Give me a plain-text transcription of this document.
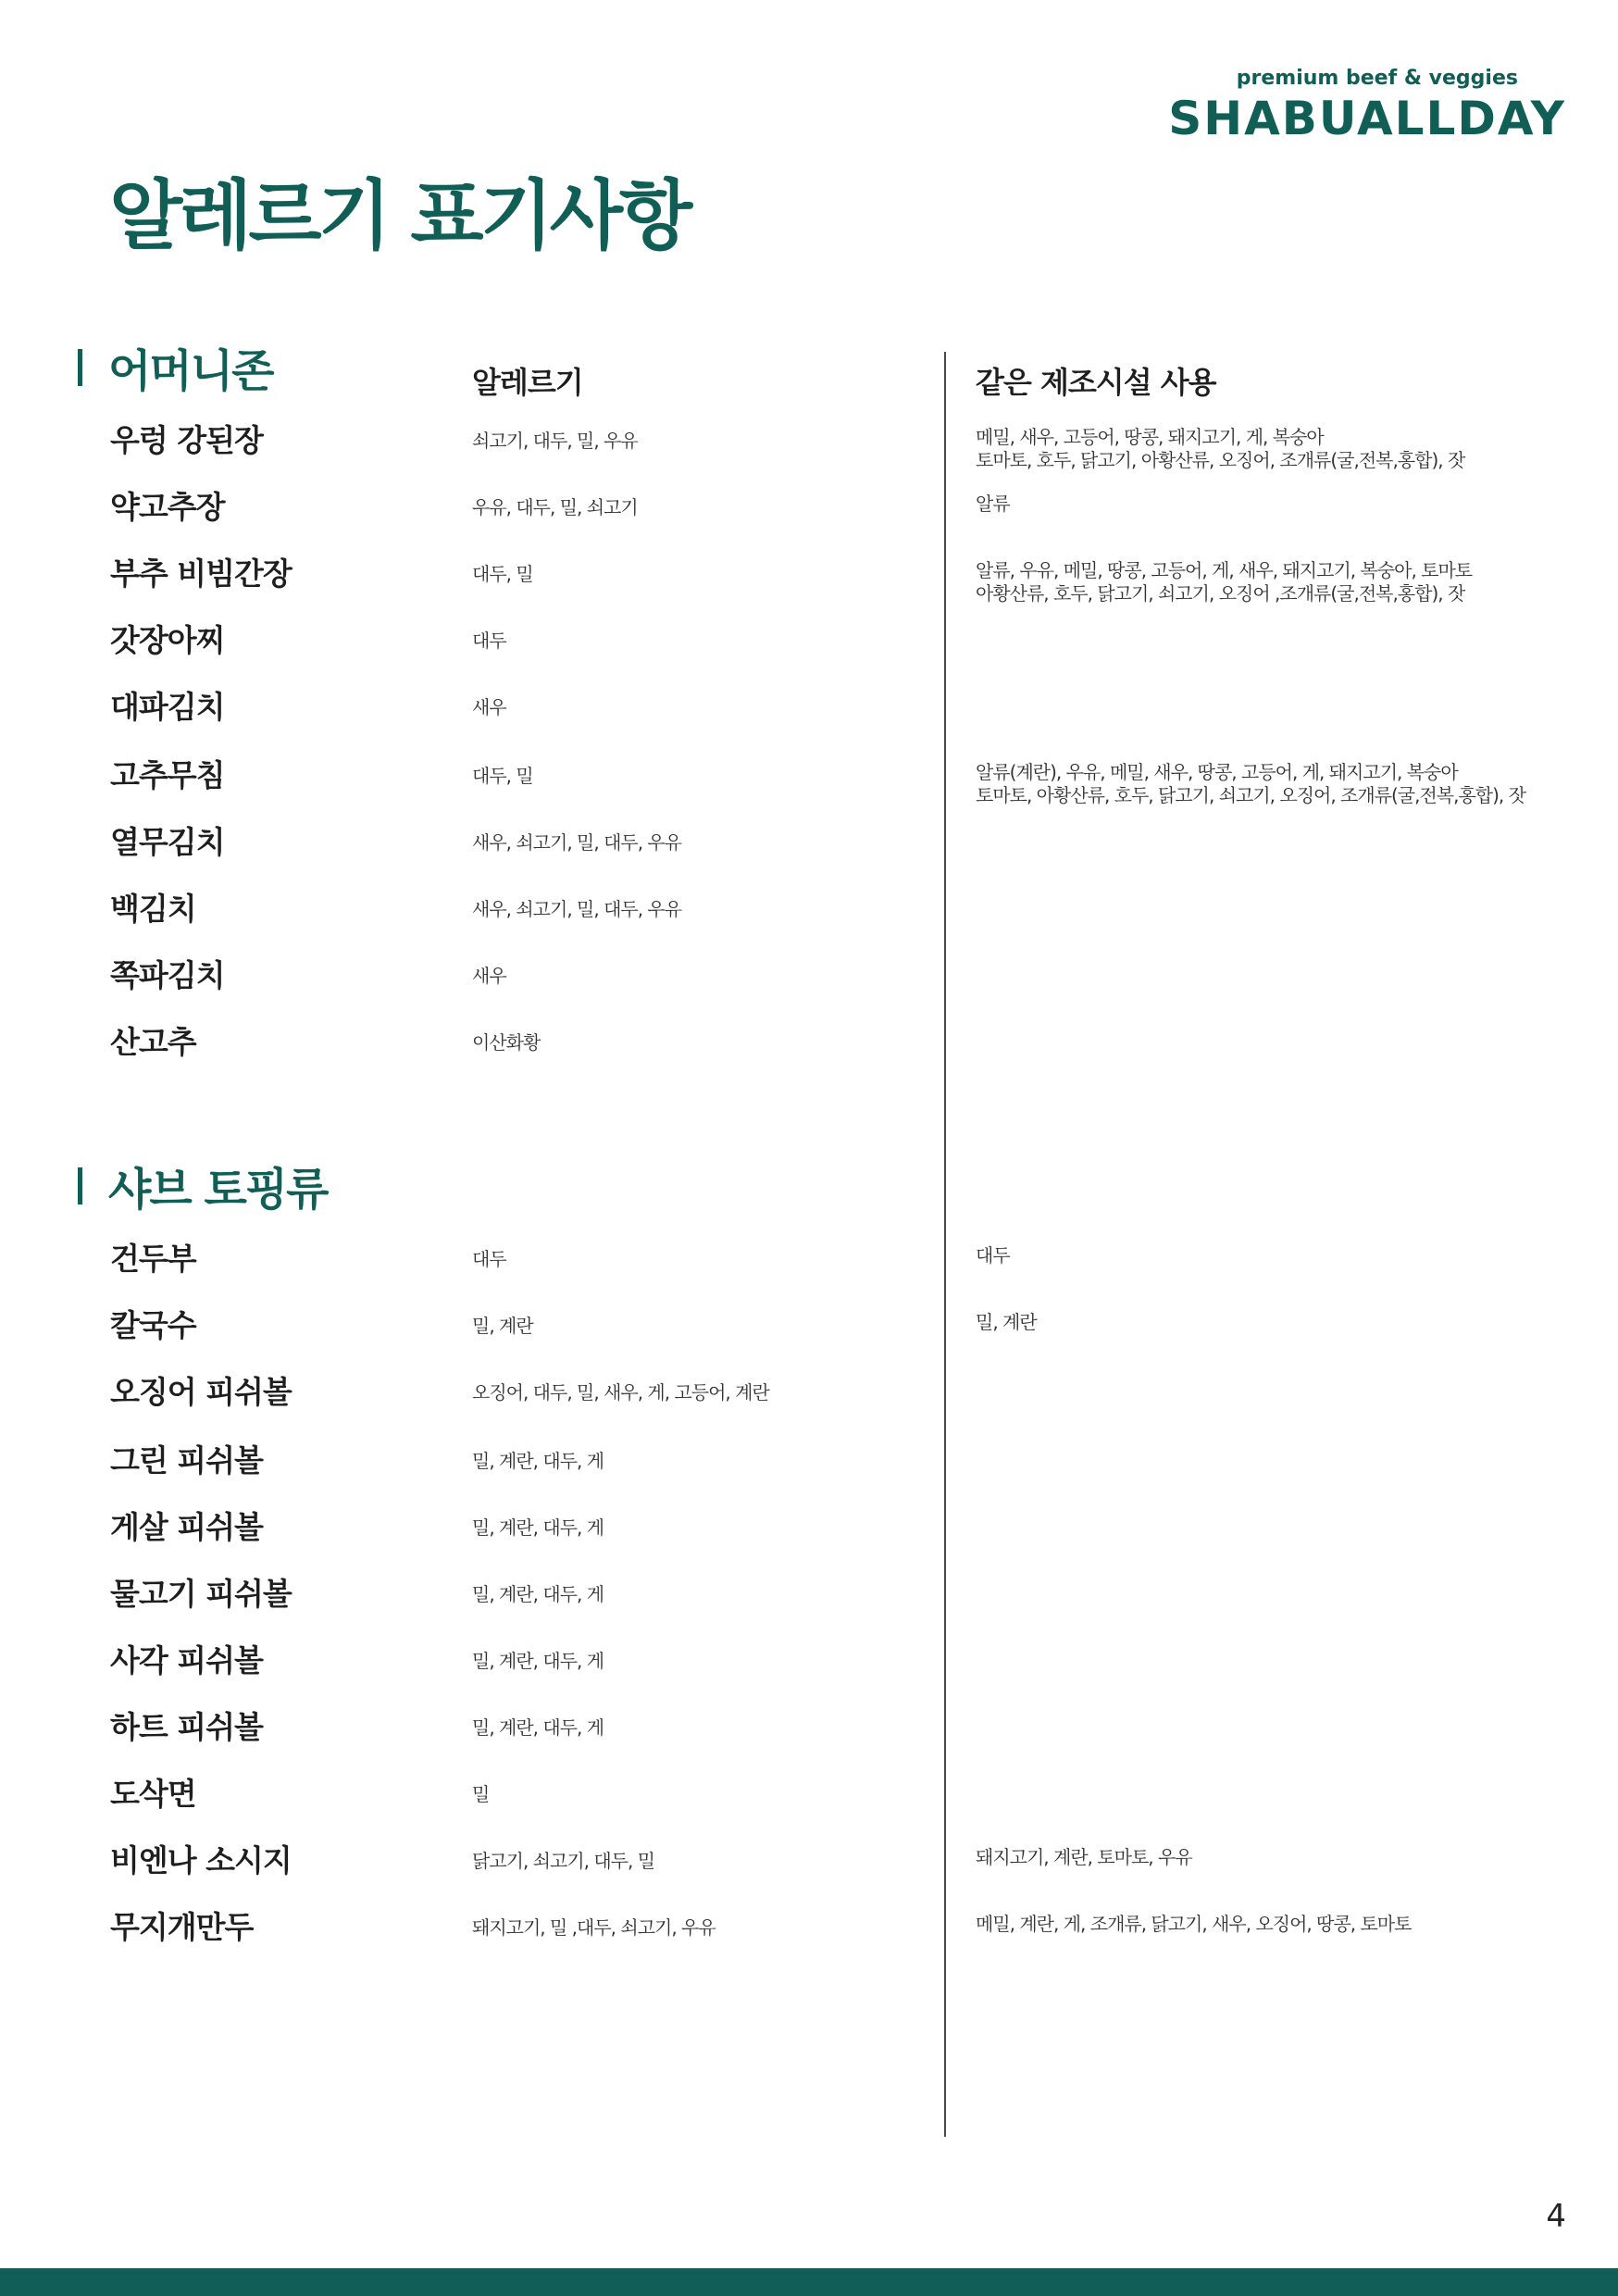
premium beef & veggies
SHABUALLDAY
알레르기 표기사항
어머니존	알레르기	같은 제조시설 사용
우렁 강된장	쇠고기, 대두, 밀, 우유	메밀, 새우, 고등어, 땅콩, 돼지고기, 게, 복숭아
토마토, 호두, 닭고기, 아황산류, 오징어, 조개류(굴,전복,홍합), 잣
약고추장	우유, 대두, 밀, 쇠고기	알류
부추 비빔간장	대두, 밀	알류, 우유, 메밀, 땅콩, 고등어, 게, 새우, 돼지고기, 복숭아, 토마토
아황산류, 호두, 닭고기, 쇠고기, 오징어 ,조개류(굴,전복,홍합), 잣
갓장아찌	대두
대파김치	새우
고추무침	대두, 밀	알류(계란), 우유, 메밀, 새우, 땅콩, 고등어, 게, 돼지고기, 복숭아
토마토, 아황산류, 호두, 닭고기, 쇠고기, 오징어, 조개류(굴,전복,홍합), 잣
열무김치	새우, 쇠고기, 밀, 대두, 우유
백김치	새우, 쇠고기, 밀, 대두, 우유
쪽파김치	새우
산고추	이산화황
샤브 토핑류
건두부	대두	대두
칼국수	밀, 계란	밀, 계란
오징어 피쉬볼	오징어, 대두, 밀, 새우, 게, 고등어, 계란
그린 피쉬볼	밀, 계란, 대두, 게
게살 피쉬볼	밀, 계란, 대두, 게
물고기 피쉬볼	밀, 계란, 대두, 게
사각 피쉬볼	밀, 계란, 대두, 게
하트 피쉬볼	밀, 계란, 대두, 게
도삭면	밀
비엔나 소시지	닭고기, 쇠고기, 대두, 밀	돼지고기, 계란, 토마토, 우유
무지개만두	돼지고기, 밀 ,대두, 쇠고기, 우유	메밀, 계란, 게, 조개류, 닭고기, 새우, 오징어, 땅콩, 토마토
4
